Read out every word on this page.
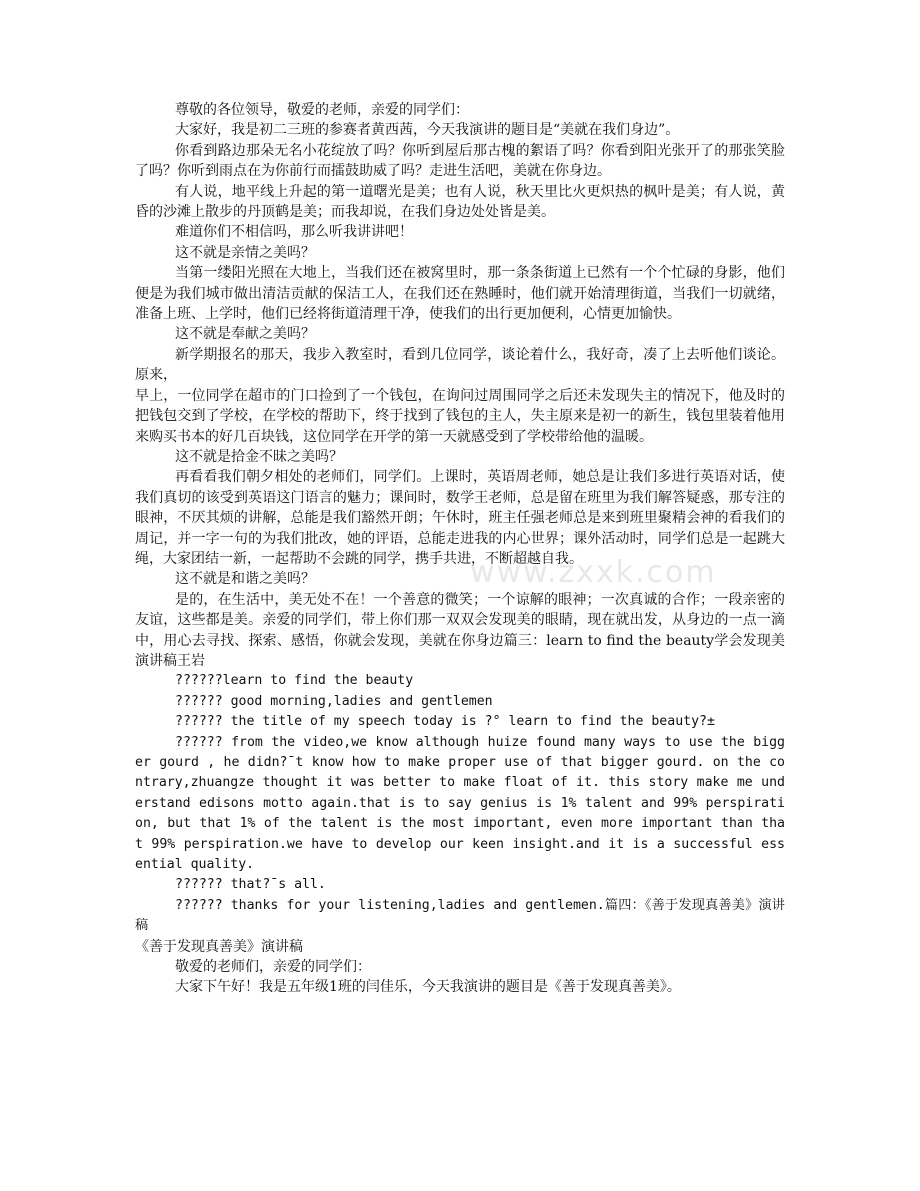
www.zxxk.com

尊敬的各位领导，敬爱的老师，亲爱的同学们：

大家好，我是初二三班的参赛者黄西茜，今天我演讲的题目是“美就在我们身边”。

你看到路边那朵无名小花绽放了吗？你听到屋后那古槐的絮语了吗？你看到阳光张开了的那张笑脸了吗？你听到雨点在为你前行而擂鼓助威了吗？走进生活吧，美就在你身边。

有人说，地平线上升起的第一道曙光是美；也有人说，秋天里比火更炽热的枫叶是美；有人说，黄昏的沙滩上散步的丹顶鹤是美；而我却说，在我们身边处处皆是美。

难道你们不相信吗，那么听我讲讲吧！

这不就是亲情之美吗？

当第一缕阳光照在大地上，当我们还在被窝里时，那一条条街道上已然有一个个忙碌的身影，他们便是为我们城市做出清洁贡献的保洁工人，在我们还在熟睡时，他们就开始清理街道，当我们一切就绪，准备上班、上学时，他们已经将街道清理干净，使我们的出行更加便利，心情更加愉快。

这不就是奉献之美吗？

新学期报名的那天，我步入教室时，看到几位同学，谈论着什么，我好奇，凑了上去听他们谈论。原来，

早上，一位同学在超市的门口捡到了一个钱包，在询问过周围同学之后还未发现失主的情况下，他及时的把钱包交到了学校，在学校的帮助下，终于找到了钱包的主人，失主原来是初一的新生，钱包里装着他用来购买书本的好几百块钱，这位同学在开学的第一天就感受到了学校带给他的温暖。

这不就是拾金不昧之美吗？

再看看我们朝夕相处的老师们，同学们。上课时，英语周老师，她总是让我们多进行英语对话，使我们真切的该受到英语这门语言的魅力；课间时，数学王老师，总是留在班里为我们解答疑惑，那专注的眼神，不厌其烦的讲解，总能是我们豁然开朗；午休时，班主任强老师总是来到班里聚精会神的看我们的周记，并一字一句的为我们批改，她的评语，总能走进我的内心世界；课外活动时，同学们总是一起跳大绳，大家团结一新，一起帮助不会跳的同学，携手共进，不断超越自我。

这不就是和谐之美吗？

是的，在生活中，美无处不在！一个善意的微笑；一个谅解的眼神；一次真诚的合作；一段亲密的友谊，这些都是美。亲爱的同学们，带上你们那一双双会发现美的眼睛，现在就出发，从身边的一点一滴中，用心去寻找、探索、感悟，你就会发现，美就在你身边篇三：learn to find the beauty学会发现美演讲稿王岩

??????learn to find the beauty

?????? good morning,ladies and gentlemen

?????? the title of my speech today is ?° learn to find the beauty?±

?????? from the video,we know although huize found many ways to use the bigger gourd , he didn?¯t know how to make proper use of that bigger gourd. on the contrary,zhuangze thought it was better to make float of it. this story make me understand edisons motto again.that is to say genius is 1% talent and 99% perspiration, but that 1% of the talent is the most important, even more important than that 99% perspiration.we have to develop our keen insight.and it is a successful essential quality.

?????? that?¯s all.

?????? thanks for your listening,ladies and gentlemen.篇四：《善于发现真善美》演讲稿

《善于发现真善美》演讲稿

敬爱的老师们，亲爱的同学们：

大家下午好！我是五年级1班的闫佳乐，今天我演讲的题目是《善于发现真善美》。
